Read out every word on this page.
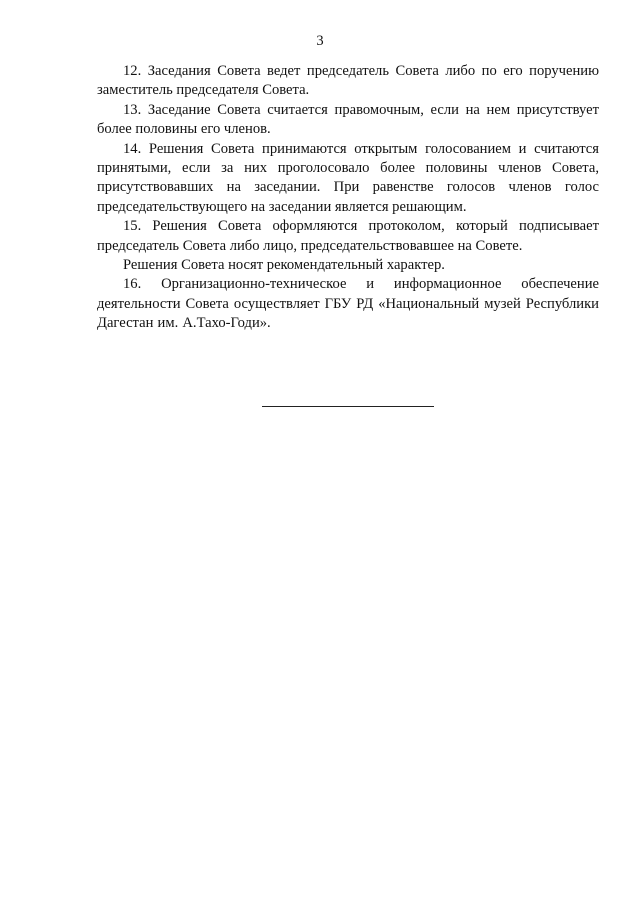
3

12. Заседания Совета ведет председатель Совета либо по его поручению заместитель председателя Совета.

13. Заседание Совета считается правомочным, если на нем присутствует более половины его членов.

14. Решения Совета принимаются открытым голосованием и считаются принятыми, если за них проголосовало более половины членов Совета, присутствовавших на заседании. При равенстве голосов членов голос председательствующего на заседании является решающим.

15. Решения Совета оформляются протоколом, который подписывает председатель Совета либо лицо, председательствовавшее на Совете.

Решения Совета носят рекомендательный характер.

16. Организационно-техническое и информационное обеспечение деятельности Совета осуществляет ГБУ РД «Национальный музей Республики Дагестан им. А.Тахо-Годи».
